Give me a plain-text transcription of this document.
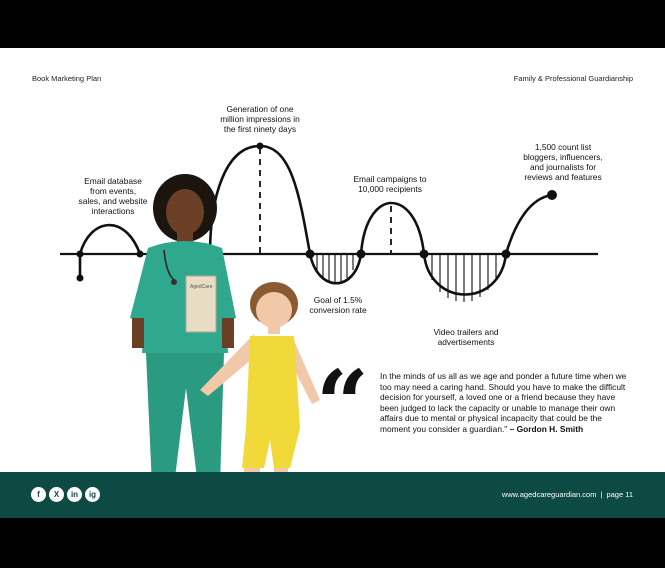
Book Marketing Plan	Family & Professional Guardianship
Email database
from events,
sales, and website
interactions
Generation of one
million impressions in
the first ninety days
Email campaigns to
10,000 recipients
1,500 count list
bloggers, influencers,
and journalists for
reviews and features
Goal of 1.5%
conversion rate
Video trailers and
advertisements
AgedCare
“ In the minds of us all as we age and ponder a future time when we too may need a caring hand. Should you have to make the difficult decision for yourself, a loved one or a friend because they have been judged to lack the capacity or unable to manage their own affairs due to mental or physical incapacity that could be the moment you consider a guardian." – Gordon H. Smith
f	X	in	ig	www.agedcareguardian.com | page 11
